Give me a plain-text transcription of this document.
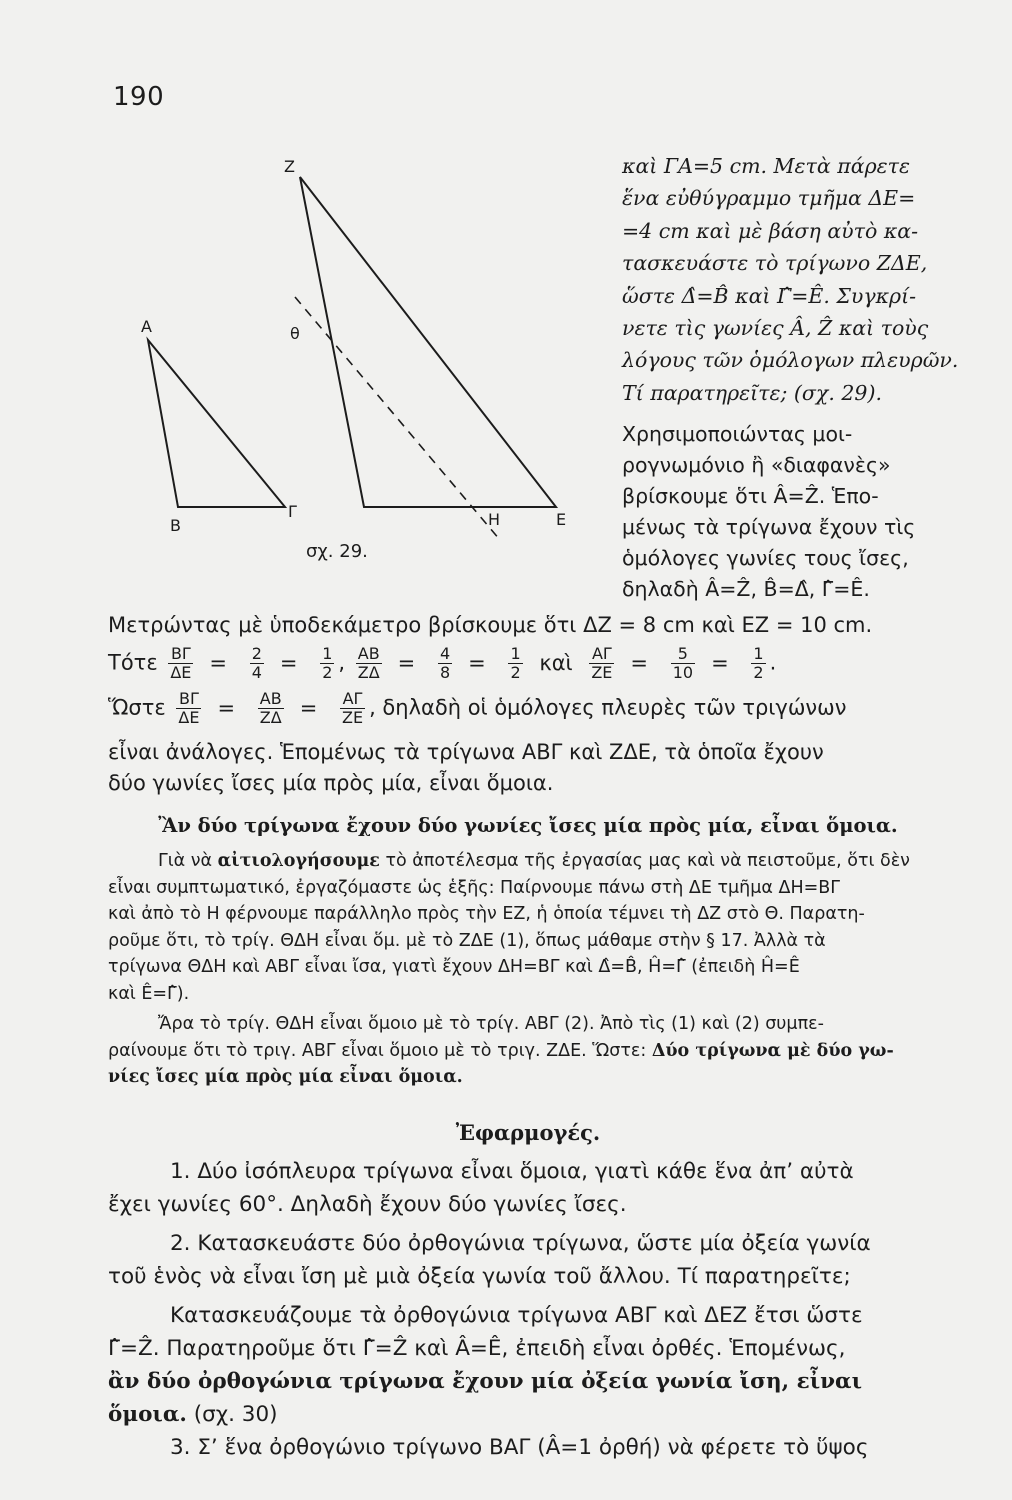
190
Z
A	θ
B
Γ	H	E
σχ. 29.

καὶ ΓΑ=5 cm. Μετὰ πάρετε

ἕνα εὐθύγραμμο τμῆμα ΔΕ=

=4 cm καὶ μὲ βάση αὐτὸ κα-

τασκευάστε τὸ τρίγωνο ΖΔΕ,

ὥστε Δ̂=B̂ καὶ Γ̂=Ê. Συγκρί-

νετε τὶς γωνίες Â, Ẑ καὶ τοὺς

λόγους τῶν ὁμόλογων πλευρῶν.

Τί παρατηρεῖτε; (σχ. 29).

Χρησιμοποιώντας μοι-

ρογνωμόνιο ἢ «διαφανὲς»

βρίσκουμε ὅτι Â=Ẑ. Ἑπο-

μένως τὰ τρίγωνα ἔχουν τὶς

ὁμόλογες γωνίες τους ἴσες,

δηλαδὴ Â=Ẑ, B̂=Δ̂, Γ̂=Ê.

Μετρώντας μὲ ὑποδεκάμετρο βρίσκουμε ὅτι ΔΖ = 8 cm καὶ ΕΖ = 10 cm.

Τότε $\frac{B\Gamma}{\Delta E} = \frac{2}{4} = \frac{1}{2}$ , $\frac{AB}{Z\Delta} = \frac{4}{8} = \frac{1}{2}$ καὶ $\frac{A\Gamma}{ZE} = \frac{5}{10} = \frac{1}{2}$ .
Ὥστε $\frac{B\Gamma}{\Delta E} = \frac{AB}{Z\Delta} = \frac{A\Gamma}{ZE}$ , δηλαδὴ οἱ ὁμόλογες πλευρὲς τῶν τριγώνων

εἶναι ἀνάλογες. Ἑπομένως τὰ τρίγωνα ΑΒΓ καὶ ΖΔΕ, τὰ ὁποῖα ἔχουν

δύο γωνίες ἴσες μία πρὸς μία, εἶναι ὅμοια.

Ἂν δύο τρίγωνα ἔχουν δύο γωνίες ἴσες μία πρὸς μία, εἶναι ὅμοια.

Γιὰ νὰ αἰτιολογήσουμε τὸ ἀποτέλεσμα τῆς ἐργασίας μας καὶ νὰ πειστοῦμε, ὅτι δὲν

εἶναι συμπτωματικό, ἐργαζόμαστε ὡς ἑξῆς: Παίρνουμε πάνω στὴ ΔΕ τμῆμα ΔΗ=ΒΓ

καὶ ἀπὸ τὸ Η φέρνουμε παράλληλο πρὸς τὴν ΕΖ, ἡ ὁποία τέμνει τὴ ΔΖ στὸ Θ. Παρατη-

ροῦμε ὅτι, τὸ τρίγ. ΘΔΗ εἶναι ὅμ. μὲ τὸ ΖΔΕ (1), ὅπως μάθαμε στὴν § 17. Ἀλλὰ τὰ

τρίγωνα ΘΔΗ καὶ ΑΒΓ εἶναι ἴσα, γιατὶ ἔχουν ΔΗ=ΒΓ καὶ Δ̂=B̂, Ĥ=Γ̂ (ἐπειδὴ Ĥ=Ê

καὶ Ê=Γ̂).

Ἄρα τὸ τρίγ. ΘΔΗ εἶναι ὅμοιο μὲ τὸ τρίγ. ΑΒΓ (2). Ἀπὸ τὶς (1) καὶ (2) συμπε-

ραίνουμε ὅτι τὸ τριγ. ΑΒΓ εἶναι ὅμοιο μὲ τὸ τριγ. ΖΔΕ. Ὥστε: Δύο τρίγωνα μὲ δύο γω-

νίες ἴσες μία πρὸς μία εἶναι ὅμοια.

Ἐφαρμογές.

1. Δύο ἰσόπλευρα τρίγωνα εἶναι ὅμοια, γιατὶ κάθε ἕνα ἀπ’ αὐτὰ

ἔχει γωνίες 60°. Δηλαδὴ ἔχουν δύο γωνίες ἴσες.

2. Κατασκευάστε δύο ὀρθογώνια τρίγωνα, ὥστε μία ὀξεία γωνία

τοῦ ἑνὸς νὰ εἶναι ἴση μὲ μιὰ ὀξεία γωνία τοῦ ἄλλου. Τί παρατηρεῖτε;

Κατασκευάζουμε τὰ ὀρθογώνια τρίγωνα ΑΒΓ καὶ ΔΕΖ ἔτσι ὥστε

Γ̂=Ẑ. Παρατηροῦμε ὅτι Γ̂=Ẑ καὶ Â=Ê, ἐπειδὴ εἶναι ὀρθές. Ἑπομένως,

ἂν δύο ὀρθογώνια τρίγωνα ἔχουν μία ὀξεία γωνία ἴση, εἶναι ὅμοια. (σχ. 30)

3. Σ’ ἕνα ὀρθογώνιο τρίγωνο ΒΑΓ (Â=1 ὀρθή) νὰ φέρετε τὸ ὕψος
